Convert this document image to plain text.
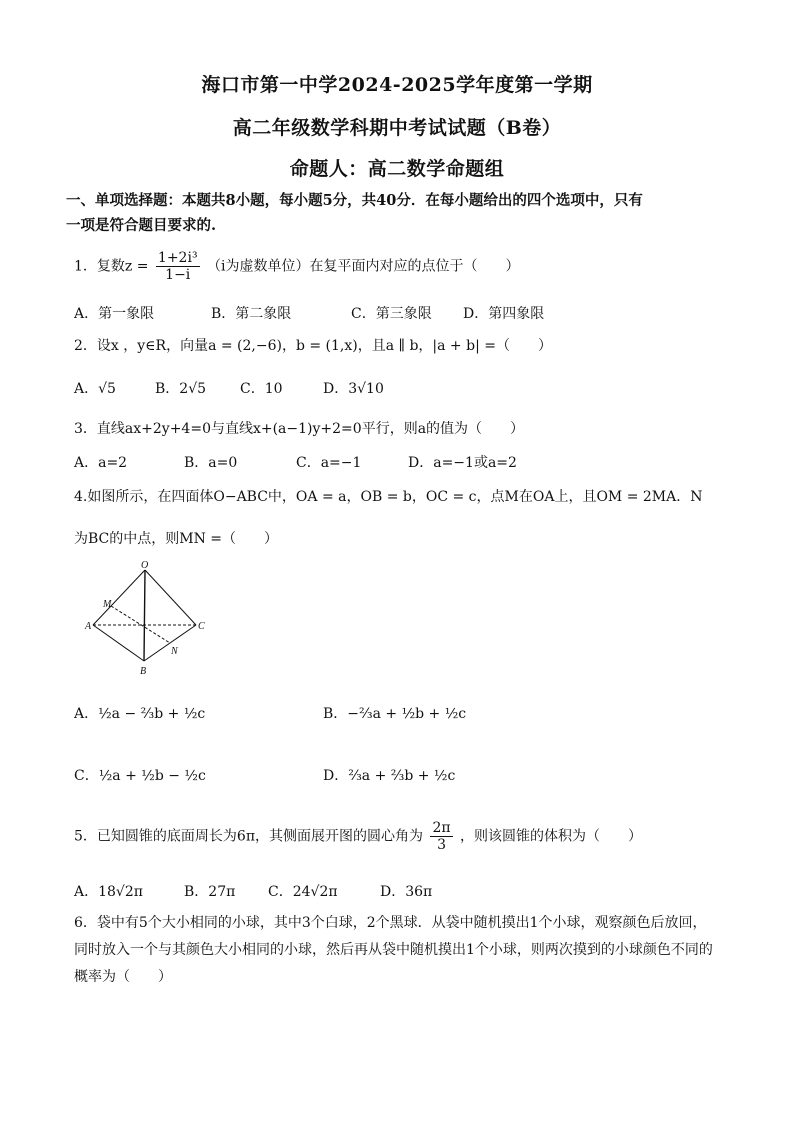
海口市第一中学2024-2025学年度第一学期
高二年级数学科期中考试试题（B卷）
命题人：高二数学命题组
一、单项选择题：本题共8小题，每小题5分，共40分．在每小题给出的四个选项中，只有
一项是符合题目要求的.
1．复数$z = \frac{\text{1+2i³}}{1-i} (i$为虚数单位）在复平面内对应的点位于（　　）
A．第一象限	B．第二象限	C．第三象限 D．第四象限
2．设x ，y∈R，向量a = (2,−6)，b = (1,x)，且a ∥ b，|a + b| =（　　）
A．√5	B．2√5 C．10	D．3√10
3．直线ax+2y+4=0与直线x+(a−1)y+2=0平行，则a的值为（　　）
A．a=2	B．a=0	C．a=−1	D．a=−1或a=2
4.如图所示，在四面体O−ABC中，OA = a，OB = b，OC = c，点M在OA上，且OM = 2MA．N
为BC的中点，则MN =（　　）
O
M
A	C
N
B
A．½a − ⅔b + ½c	B．−⅔a + ½b + ½c
C．½a + ½b − ½c	D．⅔a + ⅔b + ½c
5．已知圆锥的底面周长为6π，其侧面展开图的圆心角为 $\frac{2\pi}{3}$ ，则该圆锥的体积为（　　）
A．18√2π	B．27π C．24√2π	D．36π
6．袋中有5个大小相同的小球，其中3个白球，2个黑球．从袋中随机摸出1个小球，观察颜色后放回，
同时放入一个与其颜色大小相同的小球，然后再从袋中随机摸出1个小球，则两次摸到的小球颜色不同的
概率为（　　）
